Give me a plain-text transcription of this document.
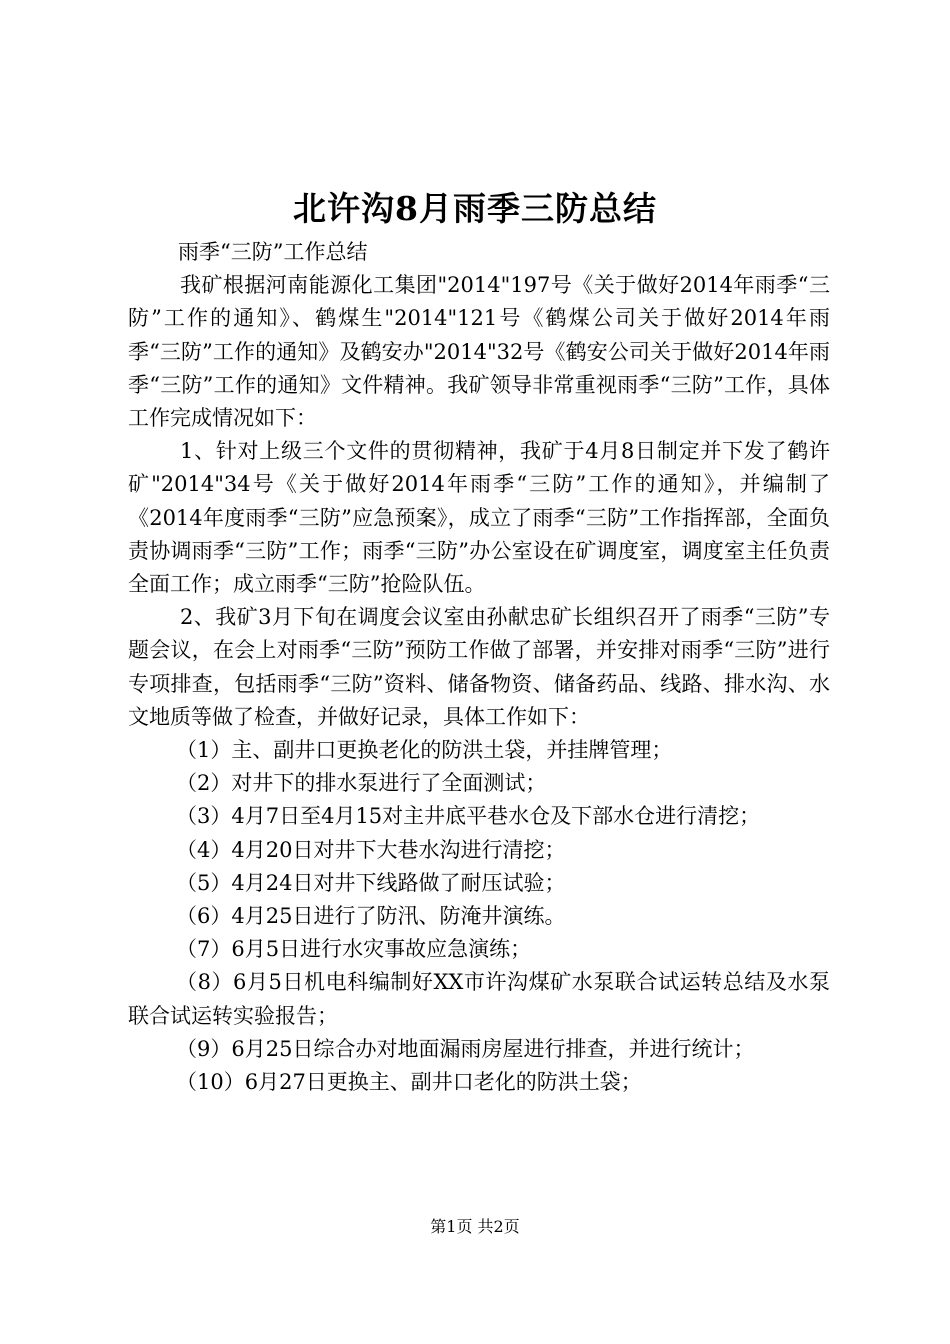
北许沟8月雨季三防总结

雨季“三防”工作总结

我矿根据河南能源化工集团"2014"197号《关于做好2014年雨季“三防”工作的通知》、鹤煤生"2014"121号《鹤煤公司关于做好2014年雨季“三防”工作的通知》及鹤安办"2014"32号《鹤安公司关于做好2014年雨季“三防”工作的通知》文件精神。我矿领导非常重视雨季“三防”工作，具体工作完成情况如下：

1、针对上级三个文件的贯彻精神，我矿于4月8日制定并下发了鹤许矿"2014"34号《关于做好2014年雨季“三防”工作的通知》，并编制了《2014年度雨季“三防”应急预案》，成立了雨季“三防”工作指挥部，全面负责协调雨季“三防”工作；雨季“三防”办公室设在矿调度室，调度室主任负责全面工作；成立雨季“三防”抢险队伍。

2、我矿3月下旬在调度会议室由孙献忠矿长组织召开了雨季“三防”专题会议，在会上对雨季“三防”预防工作做了部署，并安排对雨季“三防”进行专项排查，包括雨季“三防”资料、储备物资、储备药品、线路、排水沟、水文地质等做了检查，并做好记录，具体工作如下：

（1）主、副井口更换老化的防洪土袋，并挂牌管理；

（2）对井下的排水泵进行了全面测试；

（3）4月7日至4月15对主井底平巷水仓及下部水仓进行清挖；

（4）4月20日对井下大巷水沟进行清挖；

（5）4月24日对井下线路做了耐压试验；

（6）4月25日进行了防汛、防淹井演练。

（7）6月5日进行水灾事故应急演练；

（8）6月5日机电科编制好XX市许沟煤矿水泵联合试运转总结及水泵联合试运转实验报告；

（9）6月25日综合办对地面漏雨房屋进行排查，并进行统计；

（10）6月27日更换主、副井口老化的防洪土袋；

第1页 共2页
